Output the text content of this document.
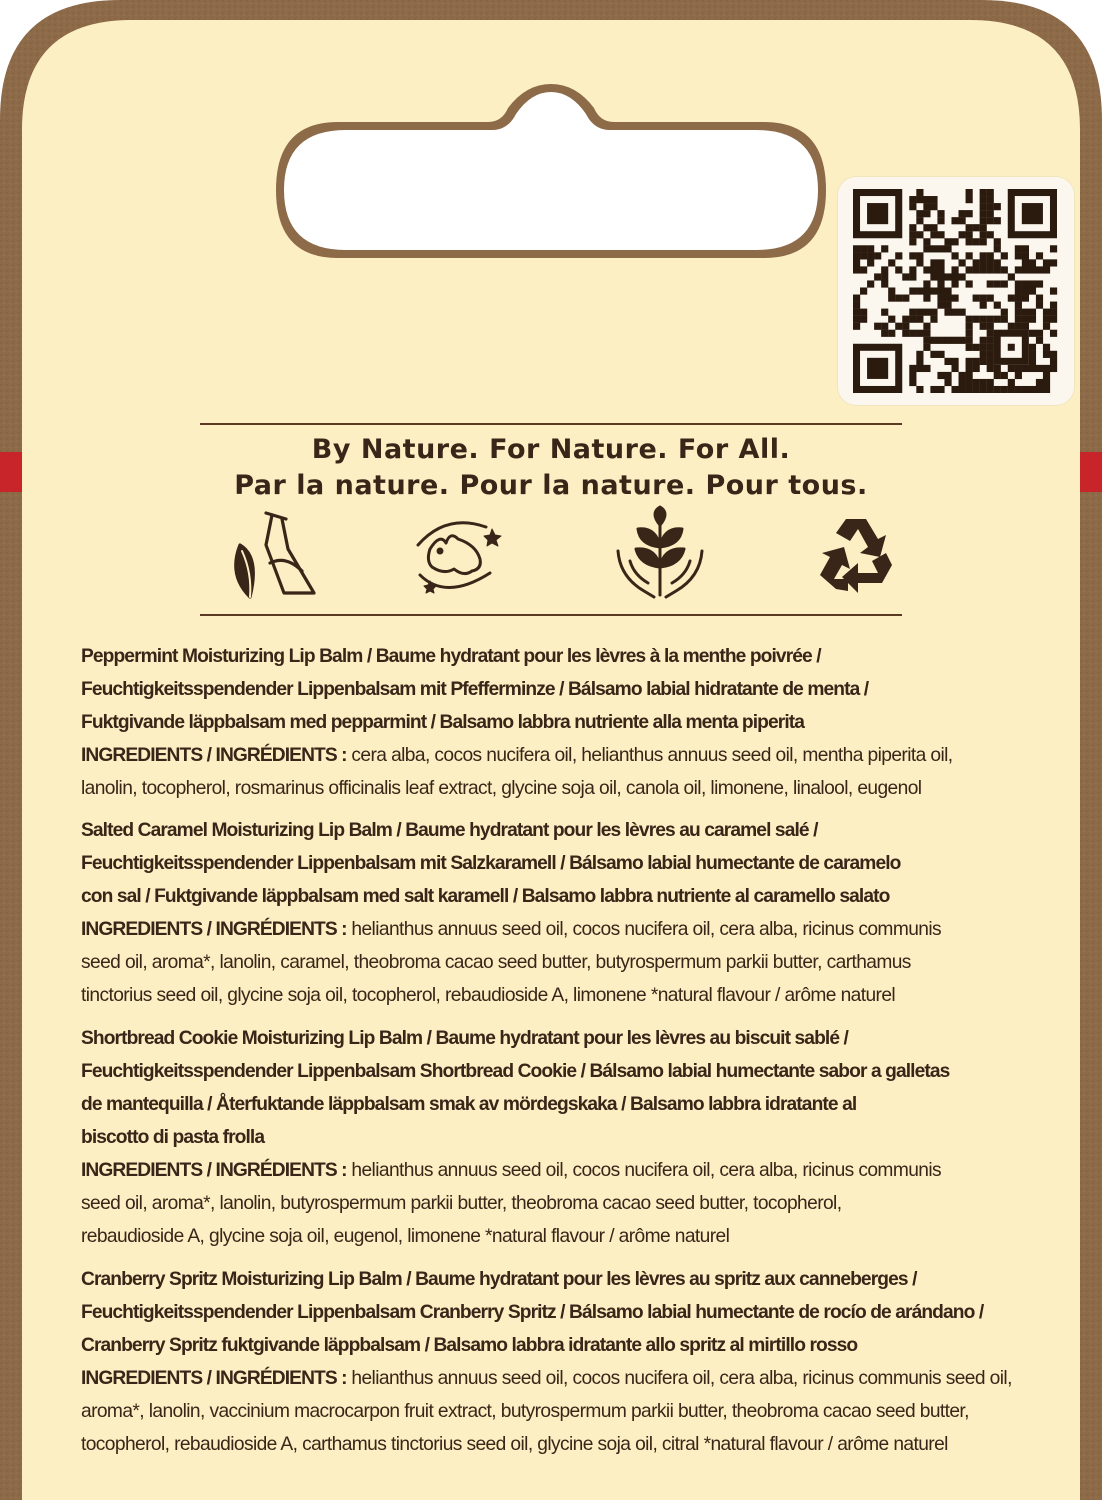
By Nature. For Nature. For All.
Par la nature. Pour la nature. Pour tous.
Peppermint Moisturizing Lip Balm / Baume hydratant pour les lèvres à la menthe poivrée /
Feuchtigkeitsspendender Lippenbalsam mit Pfefferminze / Bálsamo labial hidratante de menta /
Fuktgivande läppbalsam med pepparmint / Balsamo labbra nutriente alla menta piperita
INGREDIENTS / INGRÉDIENTS : cera alba, cocos nucifera oil, helianthus annuus seed oil, mentha piperita oil,
lanolin, tocopherol, rosmarinus officinalis leaf extract, glycine soja oil, canola oil, limonene, linalool, eugenol
Salted Caramel Moisturizing Lip Balm / Baume hydratant pour les lèvres au caramel salé /
Feuchtigkeitsspendender Lippenbalsam mit Salzkaramell / Bálsamo labial humectante de caramelo
con sal / Fuktgivande läppbalsam med salt karamell / Balsamo labbra nutriente al caramello salato
INGREDIENTS / INGRÉDIENTS : helianthus annuus seed oil, cocos nucifera oil, cera alba, ricinus communis
seed oil, aroma*, lanolin, caramel, theobroma cacao seed butter, butyrospermum parkii butter, carthamus
tinctorius seed oil, glycine soja oil, tocopherol, rebaudioside A, limonene *natural flavour / arôme naturel
Shortbread Cookie Moisturizing Lip Balm / Baume hydratant pour les lèvres au biscuit sablé /
Feuchtigkeitsspendender Lippenbalsam Shortbread Cookie / Bálsamo labial humectante sabor a galletas
de mantequilla / Återfuktande läppbalsam smak av mördegskaka / Balsamo labbra idratante al
biscotto di pasta frolla
INGREDIENTS / INGRÉDIENTS : helianthus annuus seed oil, cocos nucifera oil, cera alba, ricinus communis
seed oil, aroma*, lanolin, butyrospermum parkii butter, theobroma cacao seed butter, tocopherol,
rebaudioside A, glycine soja oil, eugenol, limonene *natural flavour / arôme naturel
Cranberry Spritz Moisturizing Lip Balm / Baume hydratant pour les lèvres au spritz aux canneberges /
Feuchtigkeitsspendender Lippenbalsam Cranberry Spritz / Bálsamo labial humectante de rocío de arándano /
Cranberry Spritz fuktgivande läppbalsam / Balsamo labbra idratante allo spritz al mirtillo rosso
INGREDIENTS / INGRÉDIENTS : helianthus annuus seed oil, cocos nucifera oil, cera alba, ricinus communis seed oil,
aroma*, lanolin, vaccinium macrocarpon fruit extract, butyrospermum parkii butter, theobroma cacao seed butter,
tocopherol, rebaudioside A, carthamus tinctorius seed oil, glycine soja oil, citral *natural flavour / arôme naturel
